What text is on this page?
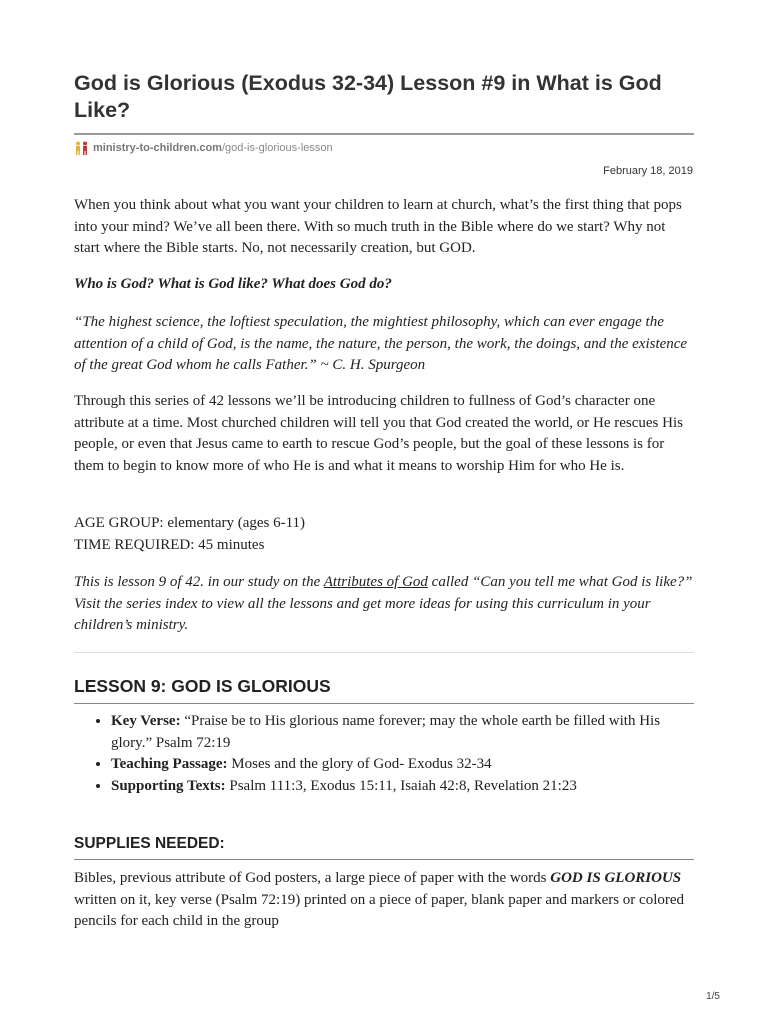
God is Glorious (Exodus 32-34) Lesson #9 in What is God Like?
ministry-to-children.com /god-is-glorious-lesson
February 18, 2019

When you think about what you want your children to learn at church, what’s the first thing that pops into your mind? We’ve all been there. With so much truth in the Bible where do we start? Why not start where the Bible starts. No, not necessarily creation, but GOD.

Who is God? What is God like? What does God do?

“The highest science, the loftiest speculation, the mightiest philosophy, which can ever engage the attention of a child of God, is the name, the nature, the person, the work, the doings, and the existence of the great God whom he calls Father.” ~ C. H. Spurgeon

Through this series of 42 lessons we’ll be introducing children to fullness of God’s character one attribute at a time. Most churched children will tell you that God created the world, or He rescues His people, or even that Jesus came to earth to rescue God’s people, but the goal of these lessons is for them to begin to know more of who He is and what it means to worship Him for who He is.

AGE GROUP: elementary (ages 6-11)

TIME REQUIRED: 45 minutes

This is lesson 9 of 42. in our study on the Attributes of God called “Can you tell me what God is like?” Visit the series index to view all the lessons and get more ideas for using this curriculum in your children’s ministry.

LESSON 9: GOD IS GLORIOUS
• Key Verse: “Praise be to His glorious name forever; may the whole earth be filled with His glory.” Psalm 72:19
• Teaching Passage: Moses and the glory of God- Exodus 32-34
• Supporting Texts: Psalm 111:3, Exodus 15:11, Isaiah 42:8, Revelation 21:23
SUPPLIES NEEDED:

Bibles, previous attribute of God posters, a large piece of paper with the words GOD IS GLORIOUS  written on it, key verse (Psalm 72:19) printed on a piece of paper, blank paper and markers or colored pencils for each child in the group

1/5
